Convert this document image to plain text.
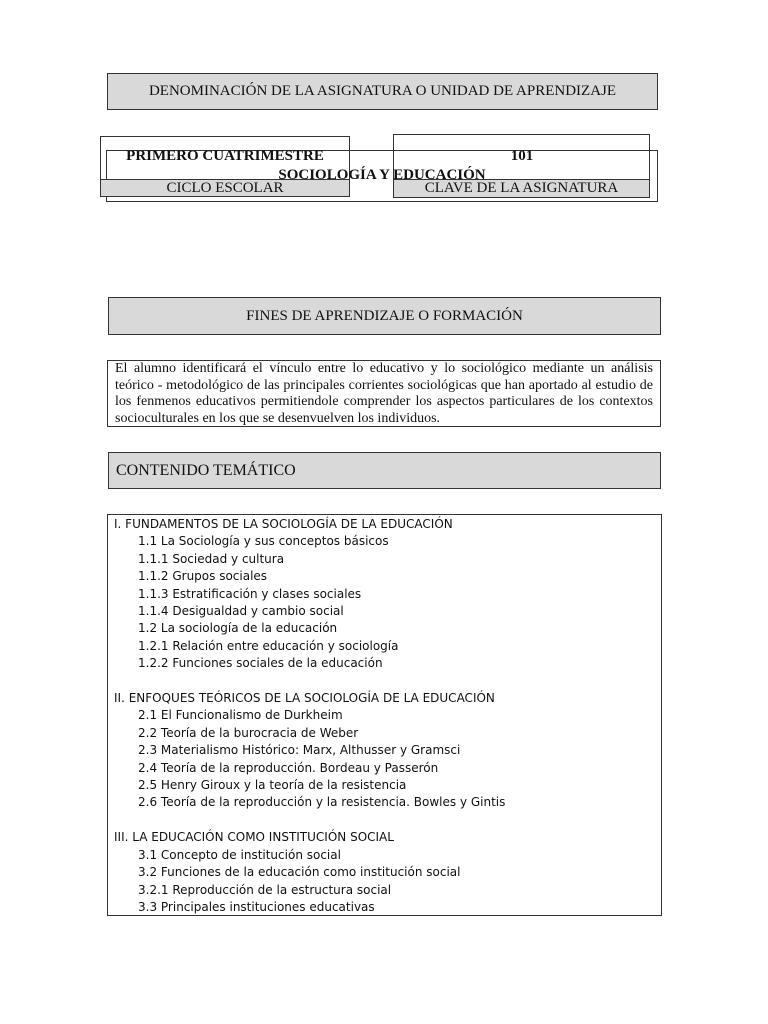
DENOMINACIÓN DE LA ASIGNATURA O UNIDAD DE APRENDIZAJE
PRIMERO CUATRIMESTRE	101
SOCIOLOGÍA Y EDUCACIÓN
CICLO ESCOLAR	CLAVE DE LA ASIGNATURA
FINES DE APRENDIZAJE O FORMACIÓN
El alumno identificará el vínculo entre lo educativo y lo sociológico mediante un análisis teórico - metodológico de las principales corrientes sociológicas que han aportado al estudio de los fenmenos educativos permitiendole comprender los aspectos particulares de los contextos socioculturales en los que se desenvuelven los individuos.
CONTENIDO TEMÁTICO
I. FUNDAMENTOS DE LA SOCIOLOGÍA DE LA EDUCACIÓN
1.1 La Sociología y sus conceptos básicos
1.1.1 Sociedad y cultura
1.1.2 Grupos sociales
1.1.3 Estratificación y clases sociales
1.1.4 Desigualdad y cambio social
1.2 La sociología de la educación
1.2.1 Relación entre educación y sociología
1.2.2 Funciones sociales de la educación
II. ENFOQUES TEÓRICOS DE LA SOCIOLOGÍA DE LA EDUCACIÓN
2.1 El Funcionalismo de Durkheim
2.2 Teoría de la burocracia de Weber
2.3 Materialismo Histórico: Marx, Althusser y Gramsci
2.4 Teoría de la reproducción. Bordeau y Passerón
2.5 Henry Giroux y la teoría de la resistencia
2.6 Teoría de la reproducción y la resistencia. Bowles y Gintis
III. LA EDUCACIÓN COMO INSTITUCIÓN SOCIAL
3.1 Concepto de institución social
3.2 Funciones de la educación como institución social
3.2.1 Reproducción de la estructura social
3.3 Principales instituciones educativas
